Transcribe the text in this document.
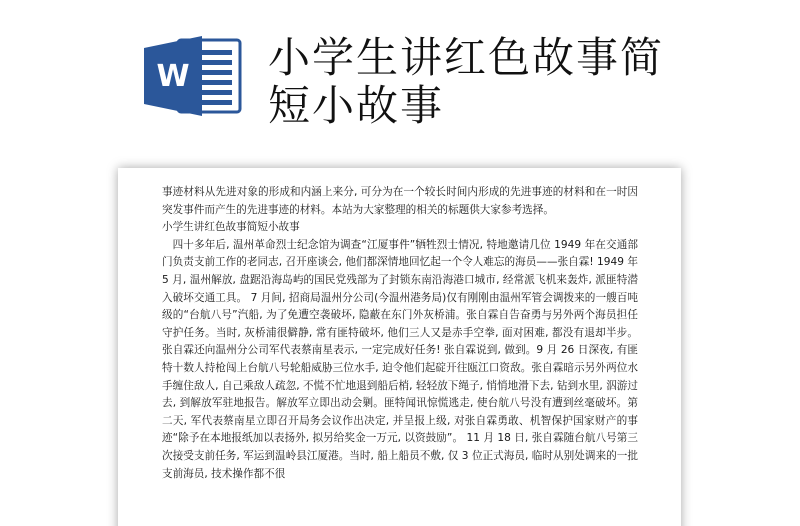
W 小学生讲红色故事简短小故事

事迹材料从先进对象的形成和内涵上来分, 可分为在一个较长时间内形成的先进事迹的材料和在一时因突发事件而产生的先进事迹的材料。本站为大家整理的相关的标题供大家参考选择。

小学生讲红色故事简短小故事

四十多年后, 温州革命烈士纪念馆为调查“江厦事件”牺牲烈士情况, 特地邀请几位 1949 年在交通部门负责支前工作的老同志, 召开座谈会, 他们都深情地回忆起一个令人难忘的海员——张自霖! 1949 年 5 月, 温州解放, 盘踞沿海岛屿的国民党残部为了封锁东南沿海港口城市, 经常派飞机来轰炸, 派匪特潜入破坏交通工具。 7 月间, 招商局温州分公司(今温州港务局)仅有刚刚由温州军管会调拨来的一艘百吨级的“台航八号”汽船, 为了免遭空袭破坏, 隐蔽在东门外灰桥浦。张自霖自告奋勇与另外两个海员担任守护任务。当时, 灰桥浦很僻静, 常有匪特破坏, 他们三人又是赤手空拳, 面对困难, 都没有退却半步。张自霖还向温州分公司军代表蔡南星表示, 一定完成好任务! 张自霖说到, 做到。9 月 26 日深夜, 有匪特十数人持枪闯上台航八号轮船威胁三位水手, 迫令他们起碇开往瓯江口资敌。张自霖暗示另外两位水手缠住敌人, 自己乘敌人疏忽, 不慌不忙地退到船后梢, 轻轻放下绳子, 悄悄地滑下去, 钻到水里, 泅游过去, 到解放军驻地报告。解放军立即出动会剿。匪特闻讯惊慌逃走, 使台航八号没有遭到丝毫破坏。第二天, 军代表蔡南星立即召开局务会议作出决定, 并呈报上级, 对张自霖勇敢、机智保护国家财产的事迹“除予在本地报纸加以表扬外, 拟另给奖金一万元, 以资鼓励”。 11 月 18 日, 张自霖随台航八号第三次接受支前任务, 军运到温岭县江厦港。当时, 船上船员不敷, 仅 3 位正式海员, 临时从别处调来的一批支前海员, 技术操作都不很
